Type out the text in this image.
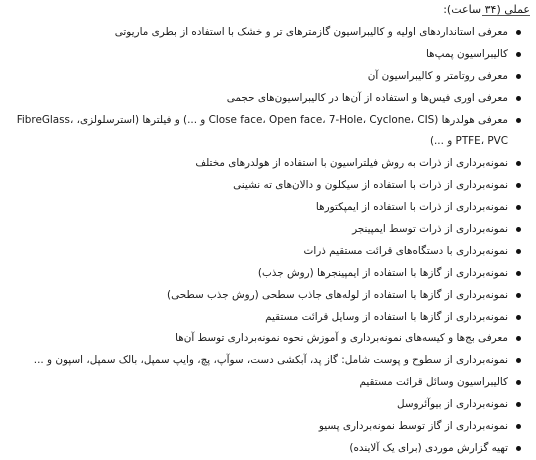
عملی (۳۴ ساعت):
معرفی استانداردهای اولیه و کالیبراسیون گازمترهای تر و خشک با استفاده از بطری ماریوتی
کالیبراسیون پمپ‌ها
معرفی روتامتر و کالیبراسیون آن
معرفی اوری فیس‌ها و استفاده از آن‌ها در کالیبراسیون‌های حجمی
معرفی هولدرها (Close face، Open face، 7-Hole، Cyclone، CIS و ...) و فیلترها (استرسلولزی، FibreGlass، PTFE، PVC و ...)
نمونه‌برداری از ذرات به روش فیلتراسیون با استفاده از هولدرهای مختلف
نمونه‌برداری از ذرات با استفاده از سیکلون و دالان‌های ته نشینی
نمونه‌برداری از ذرات با استفاده از ایمپکتورها
نمونه‌برداری از ذرات توسط ایمپینجر
نمونه‌برداری با دستگاه‌های قرائت مستقیم ذرات
نمونه‌برداری از گازها با استفاده از ایمپینجرها (روش جذب)
نمونه‌برداری از گازها با استفاده از لوله‌های جاذب سطحی (روش جذب سطحی)
نمونه‌برداری از گازها با استفاده از وسایل قرائت مستقیم
معرفی بج‌ها و کیسه‌های نمونه‌برداری و آموزش نحوه نمونه‌برداری توسط آن‌ها
نمونه‌برداری از سطوح و پوست شامل: گاز پد، آبکشی دست، سوآپ، پچ، وایپ سمپل، بالک سمپل، اسپون و ...
کالیبراسیون وسائل قرائت مستقیم
نمونه‌برداری از بیوآئروسل
نمونه‌برداری از گاز توسط نمونه‌برداری پسیو
تهیه گزارش موردی (برای یک آلاینده)
